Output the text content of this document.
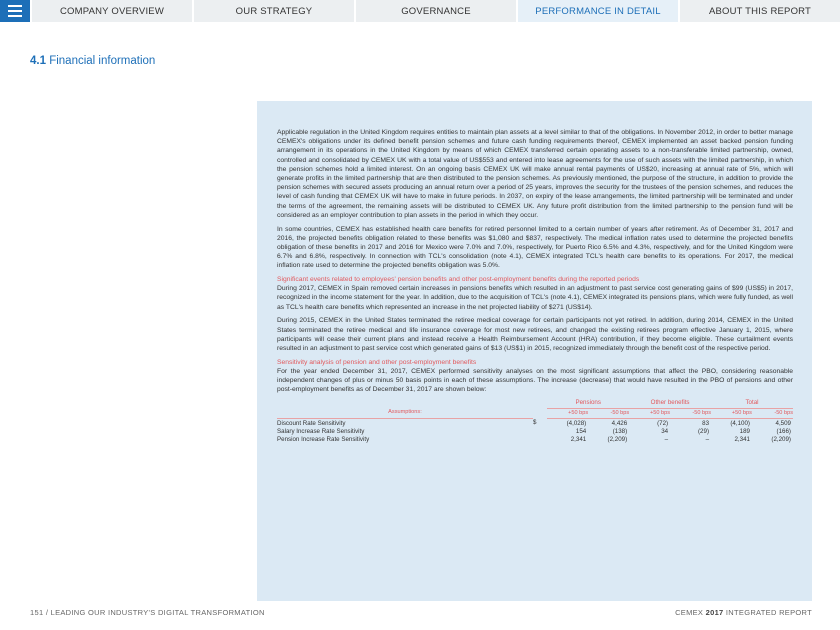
COMPANY OVERVIEW	OUR STRATEGY	GOVERNANCE	PERFORMANCE IN DETAIL	ABOUT THIS REPORT
4.1 Financial information

Applicable regulation in the United Kingdom requires entities to maintain plan assets at a level similar to that of the obligations. In November 2012, in order to better manage CEMEX's obligations under its defined benefit pension schemes and future cash funding requirements thereof, CEMEX implemented an asset backed pension funding arrangement in its operations in the United Kingdom by means of which CEMEX transferred certain operating assets to a non-transferable limited partnership, owned, controlled and consolidated by CEMEX UK with a total value of US$553 and entered into lease agreements for the use of such assets with the limited partnership, in which the pension schemes hold a limited interest. On an ongoing basis CEMEX UK will make annual rental payments of US$20, increasing at annual rate of 5%, which will generate profits in the limited partnership that are then distributed to the pension schemes. As previously mentioned, the purpose of the structure, in addition to provide the pension schemes with secured assets producing an annual return over a period of 25 years, improves the security for the trustees of the pension schemes, and reduces the level of cash funding that CEMEX UK will have to make in future periods. In 2037, on expiry of the lease arrangements, the limited partnership will be terminated and under the terms of the agreement, the remaining assets will be distributed to CEMEX UK. Any future profit distribution from the limited partnership to the pension fund will be considered as an employer contribution to plan assets in the period in which they occur.

In some countries, CEMEX has established health care benefits for retired personnel limited to a certain number of years after retirement. As of December 31, 2017 and 2016, the projected benefits obligation related to these benefits was $1,080 and $837, respectively. The medical inflation rates used to determine the projected benefits obligation of these benefits in 2017 and 2016 for Mexico were 7.0% and 7.0%, respectively, for Puerto Rico 6.5% and 4.3%, respectively, and for the United Kingdom were 6.7% and 6.8%, respectively. In connection with TCL's consolidation (note 4.1), CEMEX integrated TCL's health care benefits to its operations. For 2017, the medical inflation rate used to determine the projected benefits obligation was 5.0%.

Significant events related to employees' pension benefits and other post-employment benefits during the reported periods

During 2017, CEMEX in Spain removed certain increases in pensions benefits which resulted in an adjustment to past service cost generating gains of $99 (US$5) in 2017, recognized in the income statement for the year. In addition, due to the acquisition of TCL's (note 4.1), CEMEX integrated its pensions plans, which were fully funded, as well as TCL's health care benefits which represented an increase in the net projected liability of $271 (US$14).

During 2015, CEMEX in the United States terminated the retiree medical coverage for certain participants not yet retired. In addition, during 2014, CEMEX in the United States terminated the retiree medical and life insurance coverage for most new retirees, and changed the existing retirees program effective January 1, 2015, where participants will cease their current plans and instead receive a Health Reimbursement Account (HRA) contribution, if they become eligible. These curtailment events resulted in an adjustment to past service cost which generated gains of $13 (US$1) in 2015, recognized immediately through the benefit cost of the respective period.

Sensitivity analysis of pension and other post-employment benefits

For the year ended December 31, 2017, CEMEX performed sensitivity analyses on the most significant assumptions that affect the PBO, considering reasonable independent changes of plus or minus 50 basis points in each of these assumptions. The increase (decrease) that would have resulted in the PBO of pensions and other post-employment benefits as of December 31, 2017 are shown below:

		Pensions		Other benefits		Total	
Assumptions:		+50 bps	-50 bps	+50 bps	-50 bps	+50 bps	-50 bps
Discount Rate Sensitivity	$	(4,028)	4,426	(72)	83	(4,100)	4,509
Salary Increase Rate Sensitivity		154	(138)	34	(29)	189	(166)
Pension Increase Rate Sensitivity		2,341	(2,209)	–	–	2,341	(2,209)
151 / LEADING OUR INDUSTRY'S DIGITAL TRANSFORMATION	CEMEX 2017 INTEGRATED REPORT
